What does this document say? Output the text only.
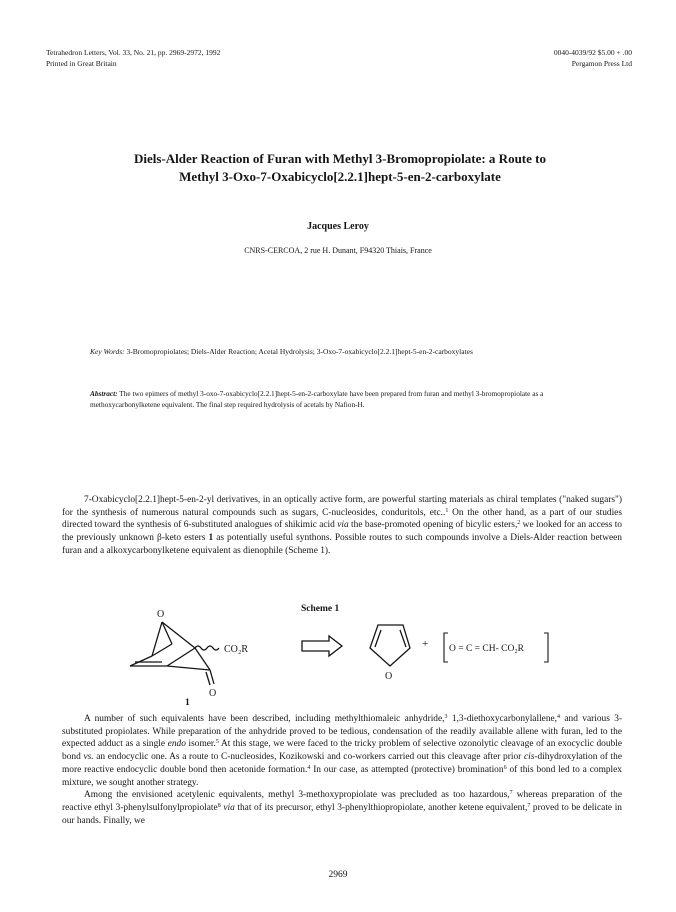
Tetrahedron Letters, Vol. 33, No. 21, pp. 2969-2972, 1992
Printed in Great Britain
0040-4039/92 $5.00 + .00
Pergamon Press Ltd
Diels-Alder Reaction of Furan with Methyl 3-Bromopropiolate: a Route to
Methyl 3-Oxo-7-Oxabicyclo[2.2.1]hept-5-en-2-carboxylate
Jacques Leroy
CNRS-CERCOA, 2 rue H. Dunant, F94320 Thiais, France
Key Words: 3-Bromopropiolates; Diels-Alder Reaction; Acetal Hydrolysis; 3-Oxo-7-oxabicyclo[2.2.1]hept-5-en-2-carboxylates
Abstract: The two epimers of methyl 3-oxo-7-oxabicyclo[2.2.1]hept-5-en-2-carboxylate have been prepared from furan and methyl 3-bromopropiolate as a methoxycarbonylketene equivalent. The final step required hydrolysis of acetals by Nafion-H.

7-Oxabicyclo[2.2.1]hept-5-en-2-yl derivatives, in an optically active form, are powerful starting materials as chiral templates ("naked sugars") for the synthesis of numerous natural compounds such as sugars, C-nucleosides, conduritols, etc..$^1$ On the other hand, as a part of our studies directed toward the synthesis of 6-substituted analogues of shikimic acid via the base-promoted opening of bicylic esters,$^2$ we looked for an access to the previously unknown β-keto esters 1 as potentially useful synthons. Possible routes to such compounds involve a Diels-Alder reaction between furan and a alkoxycarbonylketene equivalent as dienophile (Scheme 1).

Scheme 1
O
O
CO₂R
O
+ O = C = CH- CO₂R
1

A number of such equivalents have been described, including methylthiomaleic anhydride,$^3$ 1,3-diethoxycarbonylallene,$^4$ and various 3-substituted propiolates. While preparation of the anhydride proved to be tedious, condensation of the readily available allene with furan, led to the expected adduct as a single endo isomer.$^5$ At this stage, we were faced to the tricky problem of selective ozonolytic cleavage of an exocyclic double bond vs. an endocyclic one. As a route to C-nucleosides, Kozikowski and co-workers carried out this cleavage after prior cis-dihydroxylation of the more reactive endocyclic double bond then acetonide formation.$^4$ In our case, as attempted (protective) bromination$^6$ of this bond led to a complex mixture, we sought another strategy.

Among the envisioned acetylenic equivalents, methyl 3-methoxypropiolate was precluded as too hazardous,$^7$ whereas preparation of the reactive ethyl 3-phenylsulfonylpropiolate$^8$ via that of its precursor, ethyl 3-phenylthiopropiolate, another ketene equivalent,$^7$ proved to be delicate in our hands. Finally, we

2969
